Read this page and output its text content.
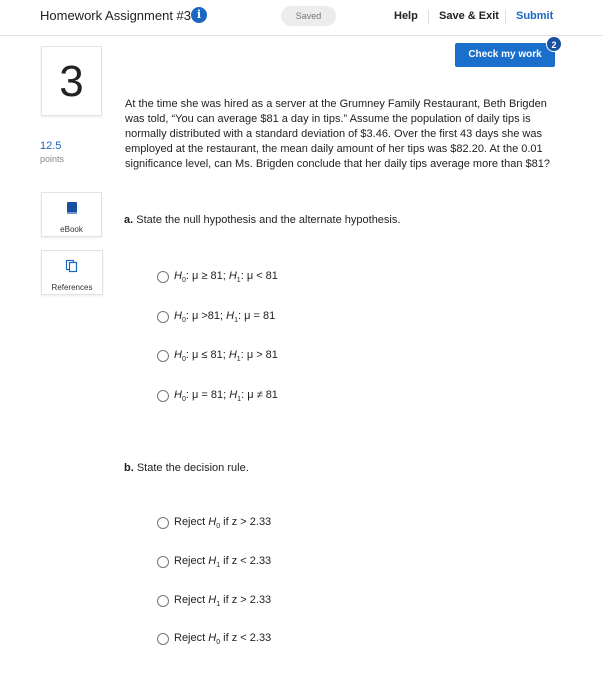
Homework Assignment #3 i	Saved	Help Save & Exit Submit
Check my work
2
3
12.5
points
eBook
References
At the time she was hired as a server at the Grumney Family Restaurant, Beth Brigden was told, “You can average $81 a day in tips.” Assume the population of daily tips is normally distributed with a standard deviation of $3.46. Over the first 43 days she was employed at the restaurant, the mean daily amount of her tips was $82.20. At the 0.01 significance level, can Ms. Brigden conclude that her daily tips average more than $81?
a. State the null hypothesis and the alternate hypothesis.
$H_0$: μ ≥ 81; $H_1$: μ < 81
$H_0$: μ >81; $H_1$: μ = 81
$H_0$: μ ≤ 81; $H_1$: μ > 81
$H_0$: μ = 81; $H_1$: μ ≠ 81
b. State the decision rule.
Reject $H_0$ if z > 2.33
Reject $H_1$ if z < 2.33
Reject $H_1$ if z > 2.33
Reject $H_0$ if z < 2.33
